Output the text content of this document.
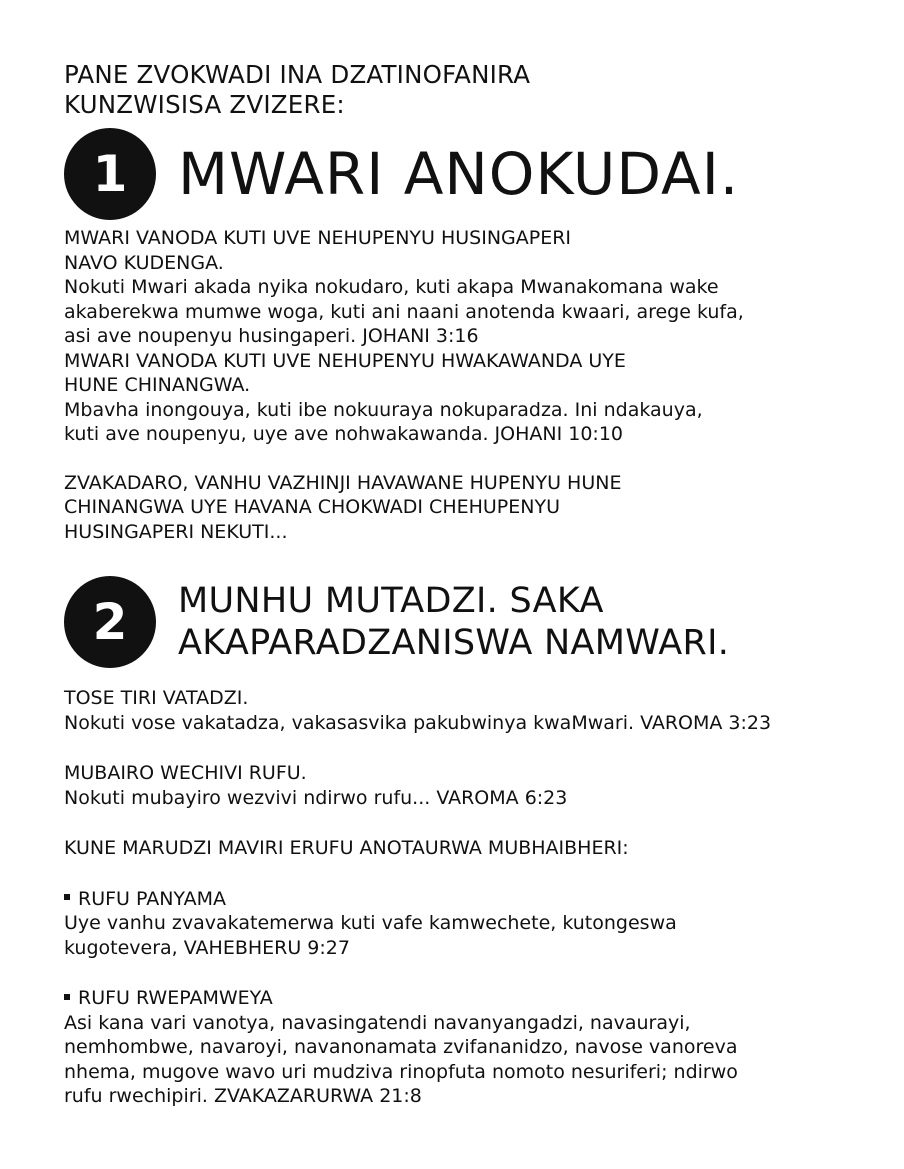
PANE ZVOKWADI INA DZATINOFANIRA

KUNZWISISA ZVIZERE:

1 MWARI ANOKUDAI.

MWARI VANODA KUTI UVE NEHUPENYU HUSINGAPERI

NAVO KUDENGA.

Nokuti Mwari akada nyika nokudaro, kuti akapa Mwanakomana wake

akaberekwa mumwe woga, kuti ani naani anotenda kwaari, arege kufa,

asi ave noupenyu husingaperi. JOHANI 3:16

MWARI VANODA KUTI UVE NEHUPENYU HWAKAWANDA UYE

HUNE CHINANGWA.

Mbavha inongouya, kuti ibe nokuuraya nokuparadza. Ini ndakauya,

kuti ave noupenyu, uye ave nohwakawanda. JOHANI 10:10

ZVAKADARO, VANHU VAZHINJI HAVAWANE HUPENYU HUNE

CHINANGWA UYE HAVANA CHOKWADI CHEHUPENYU

HUSINGAPERI NEKUTI...

2	MUNHU MUTADZI. SAKA
AKAPARADZANISWA NAMWARI.

TOSE TIRI VATADZI.

Nokuti vose vakatadza, vakasasvika pakubwinya kwaMwari. VAROMA 3:23

MUBAIRO WECHIVI RUFU.

Nokuti mubayiro wezvivi ndirwo rufu... VAROMA 6:23

KUNE MARUDZI MAVIRI ERUFU ANOTAURWA MUBHAIBHERI:

RUFU PANYAMA

Uye vanhu zvavakatemerwa kuti vafe kamwechete, kutongeswa

kugotevera, VAHEBHERU 9:27

RUFU RWEPAMWEYA

Asi kana vari vanotya, navasingatendi navanyangadzi, navaurayi,

nemhombwe, navaroyi, navanonamata zvifananidzo, navose vanoreva

nhema, mugove wavo uri mudziva rinopfuta nomoto nesuriferi; ndirwo

rufu rwechipiri. ZVAKAZARURWA 21:8
